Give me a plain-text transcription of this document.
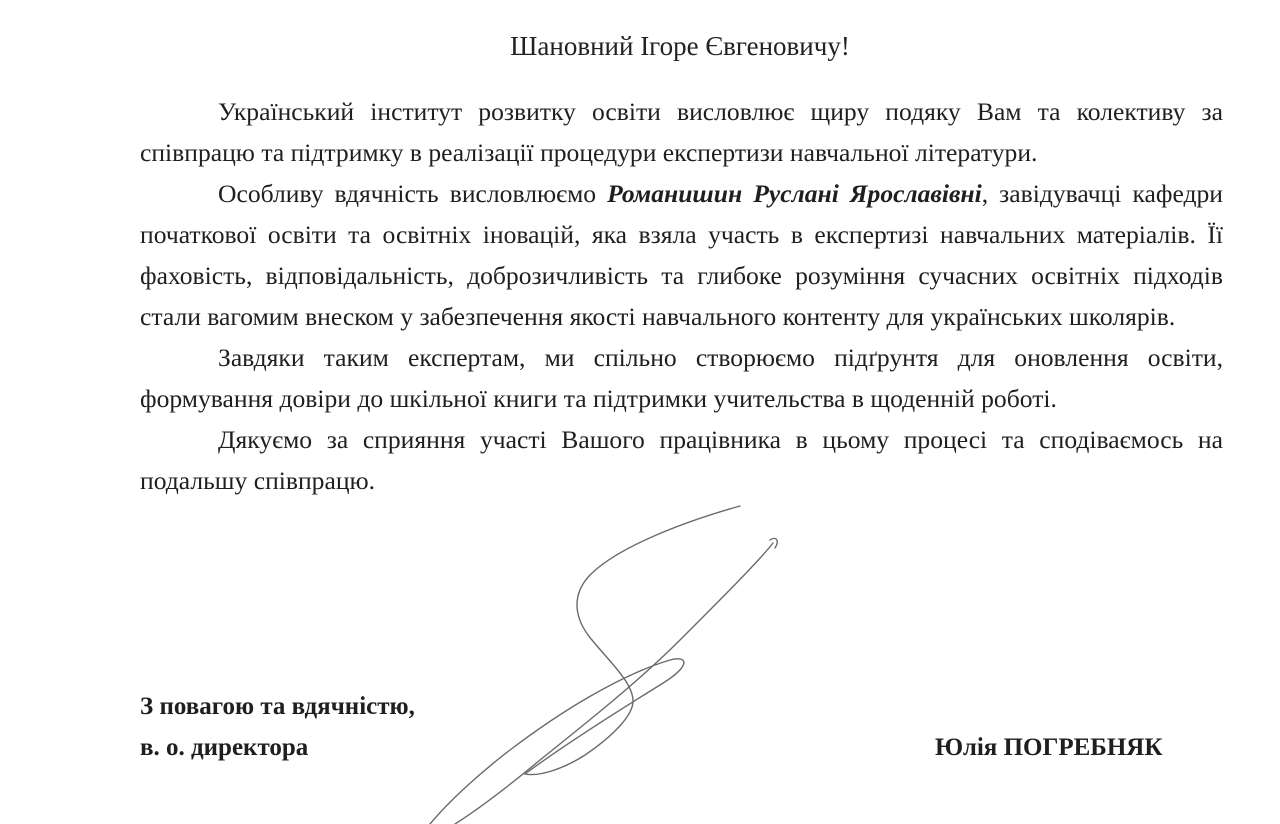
Шановний Ігоре Євгеновичу!

Український інститут розвитку освіти висловлює щиру подяку Вам та колективу за співпрацю та підтримку в реалізації процедури експертизи навчальної літератури.

Особливу вдячність висловлюємо Романишин Руслані Ярославівні, завідувачці кафедри початкової освіти та освітніх іновацій, яка взяла участь в експертизі навчальних матеріалів. Її фаховість, відповідальність, доброзичливість та глибоке розуміння сучасних освітніх підходів стали вагомим внеском у забезпечення якості навчального контенту для українських школярів.

Завдяки таким експертам, ми спільно створюємо підґрунтя для оновлення освіти, формування довіри до шкільної книги та підтримки учительства в щоденній роботі.

Дякуємо за сприяння участі Вашого працівника в цьому процесі та сподіваємось на подальшу співпрацю.

З повагою та вдячністю,
в. о. директора	Юлія ПОГРЕБНЯК
